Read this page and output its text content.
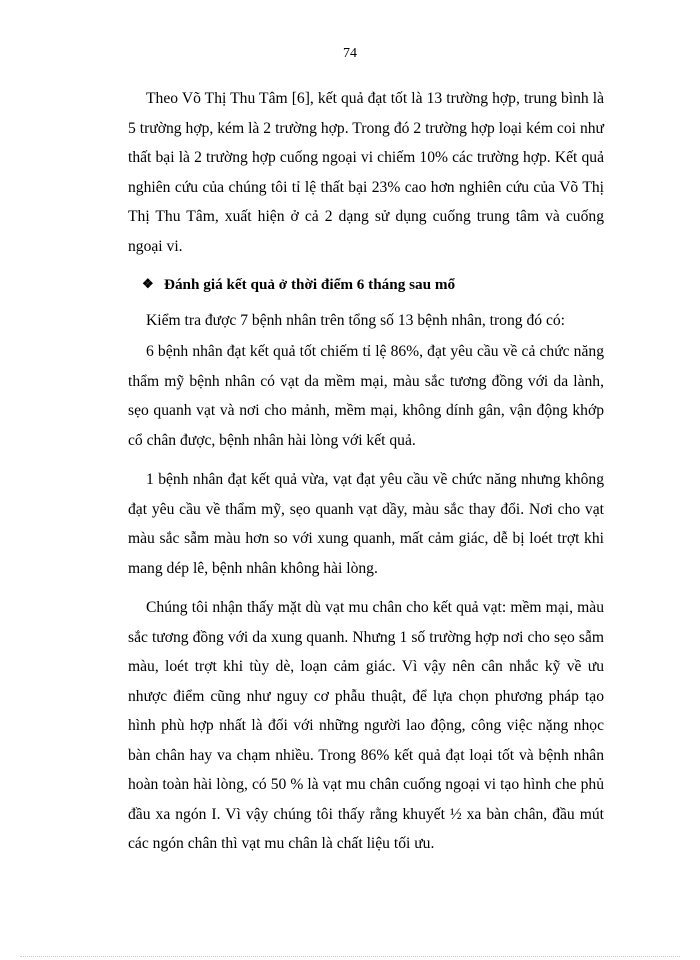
74

Theo Võ Thị Thu Tâm [6], kết quả đạt tốt là 13 trường hợp, trung bình là 5 trường hợp, kém là 2 trường hợp. Trong đó 2 trường hợp loại kém coi như thất bại là 2 trường hợp cuống ngoại vi chiếm 10% các trường hợp. Kết quả nghiên cứu của chúng tôi tỉ lệ thất bại 23% cao hơn nghiên cứu của Võ Thị Thị Thu Tâm, xuất hiện ở cả 2 dạng sử dụng cuống trung tâm và cuống ngoại vi.

❖ Đánh giá kết quả ở thời điểm 6 tháng sau mổ

Kiểm tra được 7 bệnh nhân trên tổng số 13 bệnh nhân, trong đó có:

6 bệnh nhân đạt kết quả tốt chiếm tỉ lệ 86%, đạt yêu cầu về cả chức năng thẩm mỹ bệnh nhân có vạt da mềm mại, màu sắc tương đồng với da lành, sẹo quanh vạt và nơi cho mảnh, mềm mại, không dính gân, vận động khớp cổ chân được, bệnh nhân hài lòng với kết quả.

1 bệnh nhân đạt kết quả vừa, vạt đạt yêu cầu về chức năng nhưng không đạt yêu cầu về thẩm mỹ, sẹo quanh vạt dầy, màu sắc thay đổi. Nơi cho vạt màu sắc sẫm màu hơn so với xung quanh, mất cảm giác, dễ bị loét trợt khi mang dép lê, bệnh nhân không hài lòng.

Chúng tôi nhận thấy mặt dù vạt mu chân cho kết quả vạt: mềm mại, màu sắc tương đồng với da xung quanh. Nhưng 1 số trường hợp nơi cho sẹo sẫm màu, loét trợt khi tùy dè, loạn cảm giác. Vì vậy nên cân nhắc kỹ về ưu nhược điểm cũng như nguy cơ phẫu thuật, để lựa chọn phương pháp tạo hình phù hợp nhất là đối với những người lao động, công việc nặng nhọc bàn chân hay va chạm nhiều. Trong 86% kết quả đạt loại tốt và bệnh nhân hoàn toàn hài lòng, có 50 % là vạt mu chân cuống ngoại vi tạo hình che phủ đầu xa ngón I. Vì vậy chúng tôi thấy rằng khuyết ½ xa bàn chân, đầu mút các ngón chân thì vạt mu chân là chất liệu tối ưu.
